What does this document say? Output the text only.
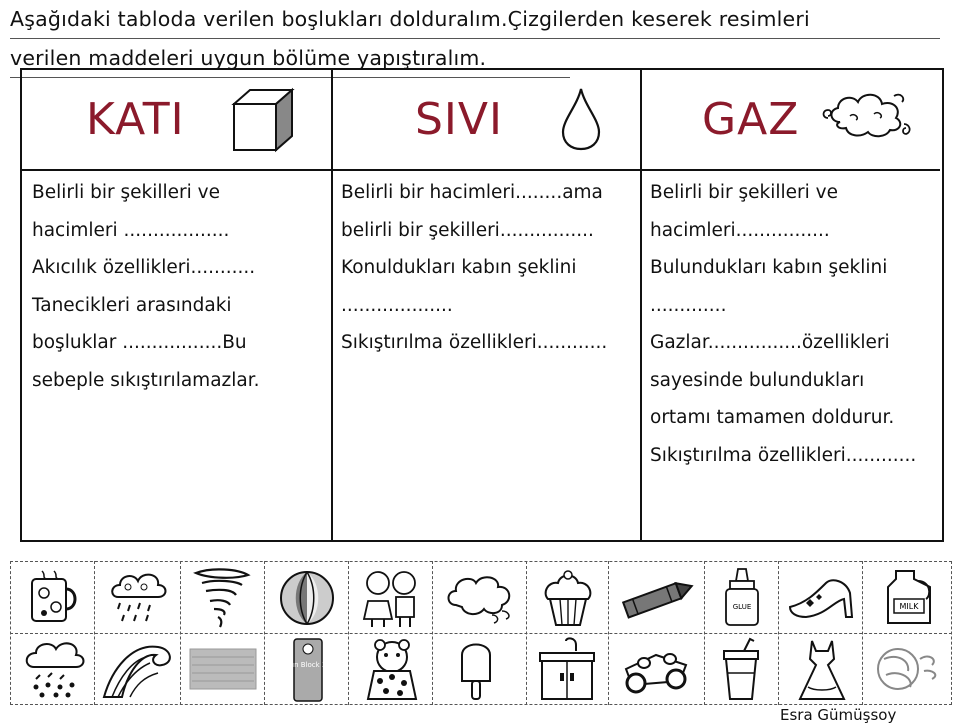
Aşağıdaki tabloda verilen boşlukları dolduralım.Çizgilerden keserek resimleri
verilen maddeleri uygun bölüme yapıştıralım.
KATI
Belirli bir şekilleri ve
hacimleri ..................
Akıcılık özellikleri...........
Tanecikleri arasındaki
boşluklar .................Bu
sebeple sıkıştırılamazlar.
SIVI
Belirli bir hacimleri........ama
belirli bir şekilleri................
Konuldukları kabın şeklini
...................
Sıkıştırılma özellikleri............
GAZ
Belirli bir şekilleri ve
hacimleri................
Bulundukları kabın şeklini
.............
Gazlar................özellikleri
sayesinde bulundukları
ortamı tamamen doldurur.
Sıkıştırılma özellikleri............
GLUE	MILK
Sun Block 30
Esra Gümüşsoy
